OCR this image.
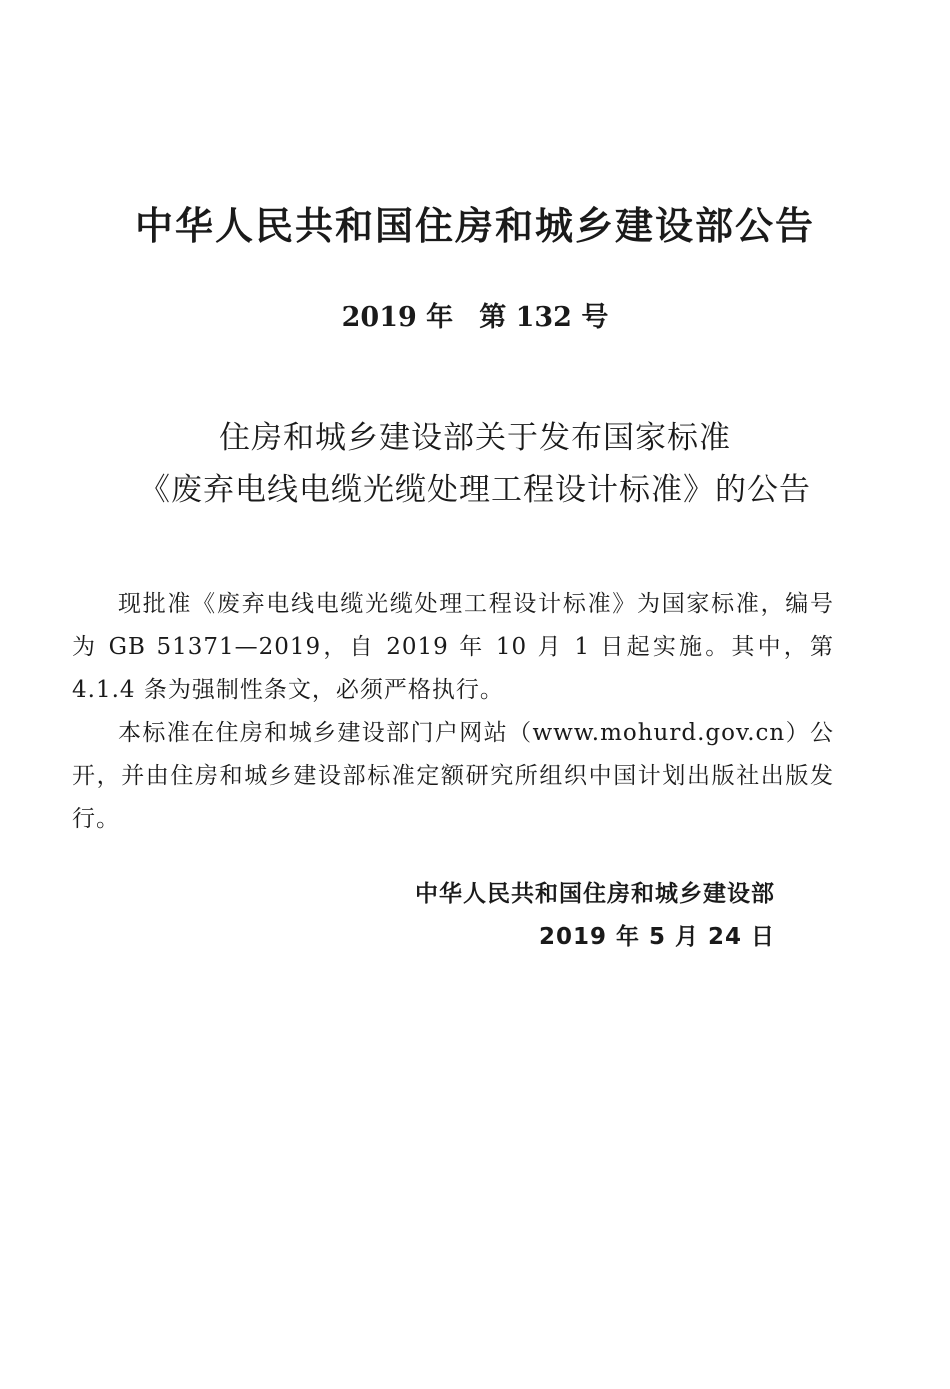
中华人民共和国住房和城乡建设部公告
2019 年 第 132 号
住房和城乡建设部关于发布国家标准
《废弃电线电缆光缆处理工程设计标准》的公告

现批准《废弃电线电缆光缆处理工程设计标准》为国家标准，编号为 GB 51371—2019，自 2019 年 10 月 1 日起实施。其中，第 4.1.4 条为强制性条文，必须严格执行。

本标准在住房和城乡建设部门户网站（www.mohurd.gov.cn）公开，并由住房和城乡建设部标准定额研究所组织中国计划出版社出版发行。

中华人民共和国住房和城乡建设部
2019 年 5 月 24 日
